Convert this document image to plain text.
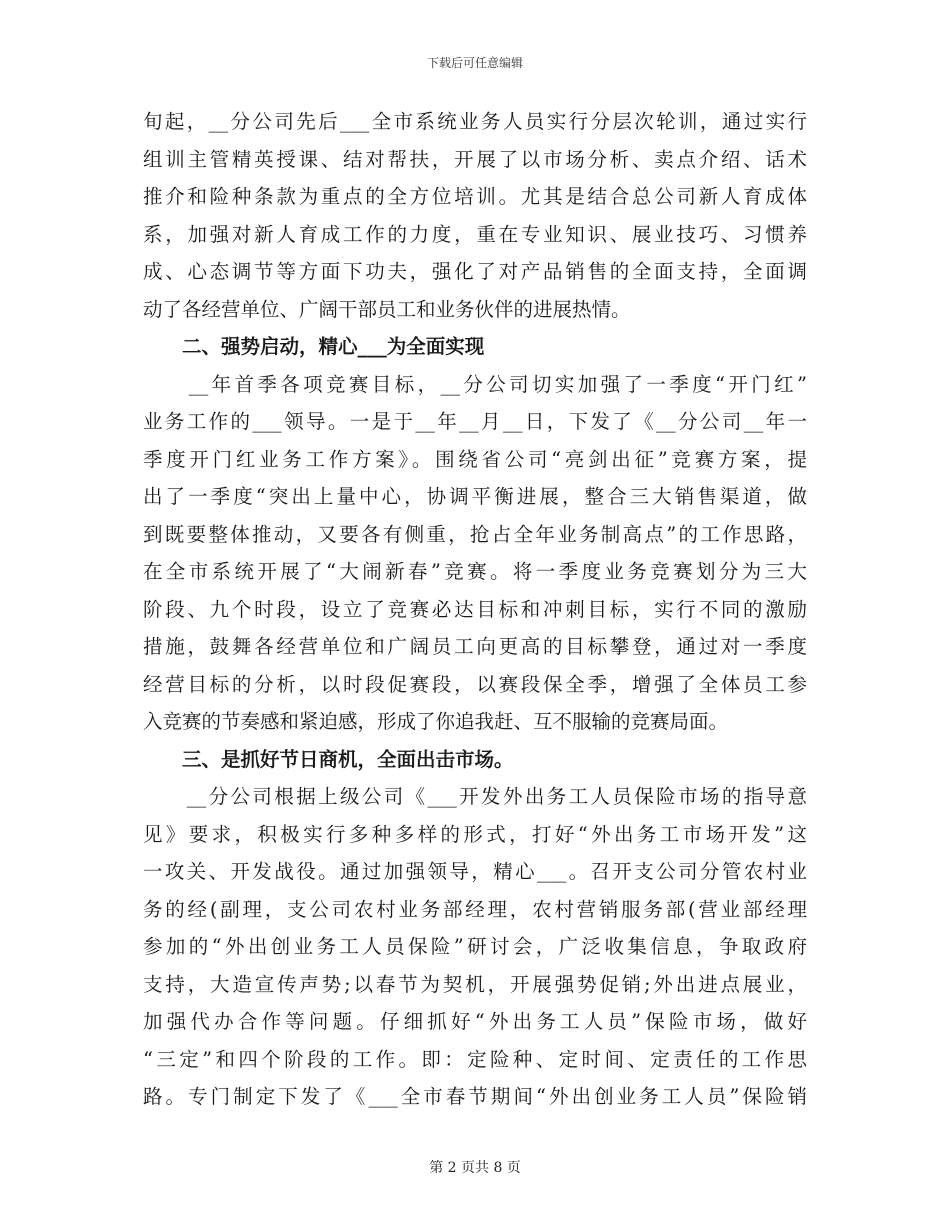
下载后可任意编辑
旬起，__分公司先后___全市系统业务人员实行分层次轮训，通过实行
组训主管精英授课、结对帮扶，开展了以市场分析、卖点介绍、话术
推介和险种条款为重点的全方位培训。尤其是结合总公司新人育成体
系，加强对新人育成工作的力度，重在专业知识、展业技巧、习惯养
成、心态调节等方面下功夫，强化了对产品销售的全面支持，全面调
动了各经营单位、广阔干部员工和业务伙伴的进展热情。
　　二、强势启动，精心___为全面实现
　　__年首季各项竞赛目标，__分公司切实加强了一季度“开门红”
业务工作的___领导。一是于__年__月__日，下发了《__分公司__年一
季度开门红业务工作方案》。围绕省公司“亮剑出征”竞赛方案，提
出了一季度“突出上量中心，协调平衡进展，整合三大销售渠道，做
到既要整体推动，又要各有侧重，抢占全年业务制高点”的工作思路，
在全市系统开展了“大闹新春”竞赛。将一季度业务竞赛划分为三大
阶段、九个时段，设立了竞赛必达目标和冲刺目标，实行不同的激励
措施，鼓舞各经营单位和广阔员工向更高的目标攀登，通过对一季度
经营目标的分析，以时段促赛段，以赛段保全季，增强了全体员工参
入竞赛的节奏感和紧迫感，形成了你追我赶、互不服输的竞赛局面。
　　三、是抓好节日商机，全面出击市场。
　　__分公司根据上级公司《___开发外出务工人员保险市场的指导意
见》要求，积极实行多种多样的形式，打好“外出务工市场开发”这
一攻关、开发战役。通过加强领导，精心___。召开支公司分管农村业
务的经(副理，支公司农村业务部经理，农村营销服务部(营业部经理
参加的“外出创业务工人员保险”研讨会，广泛收集信息，争取政府
支持，大造宣传声势;以春节为契机，开展强势促销;外出进点展业，
加强代办合作等问题。仔细抓好“外出务工人员”保险市场，做好
“三定”和四个阶段的工作。即：定险种、定时间、定责任的工作思
路。专门制定下发了《___全市春节期间“外出创业务工人员”保险销
第 2 页共 8 页
